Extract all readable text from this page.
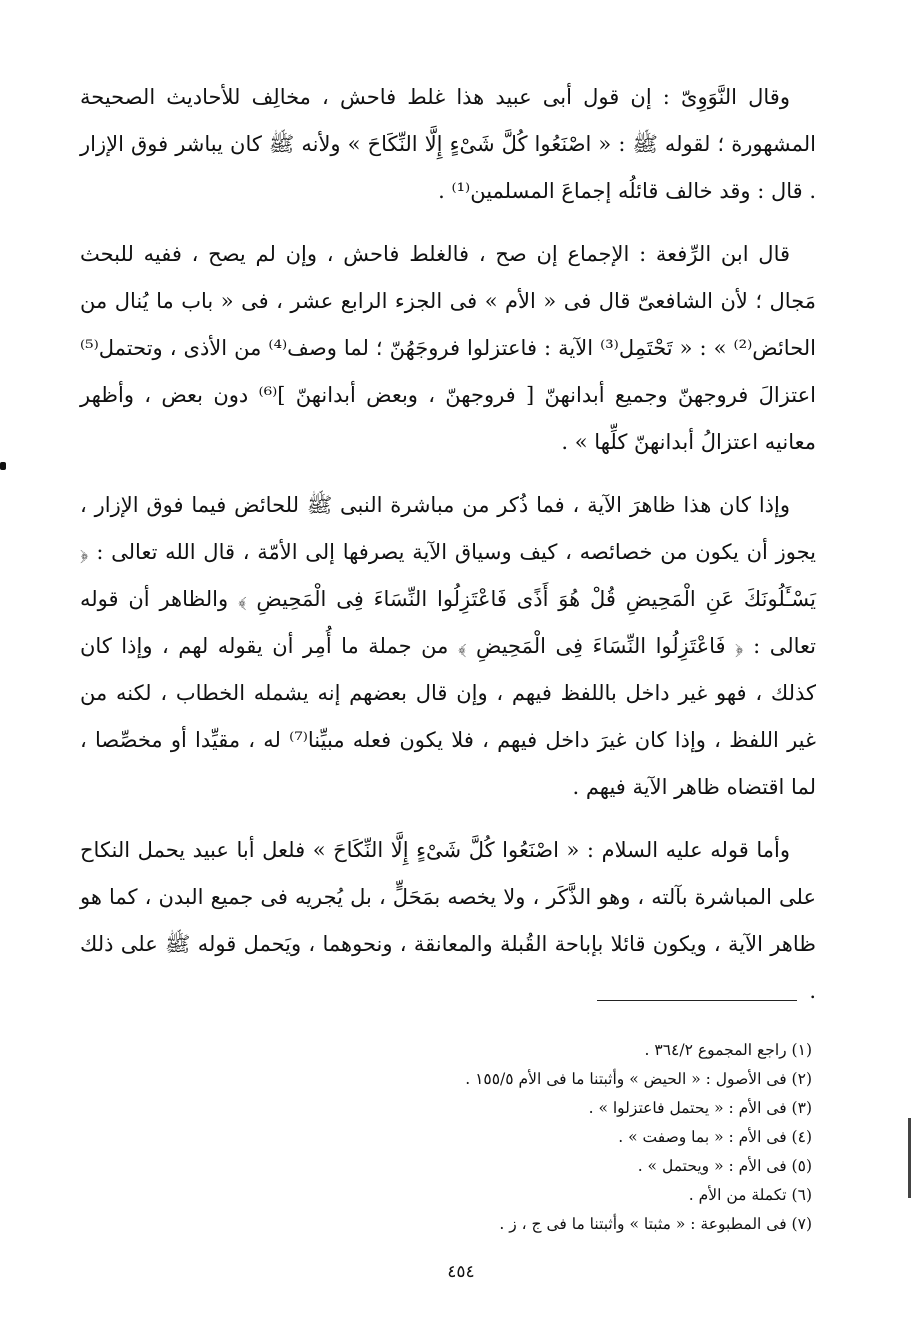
وقال النَّوَوِىّ : إن قول أبى عبيد هذا غلط فاحش ، مخالِف للأحاديث الصحيحة المشهورة ؛ لقوله ﷺ : « اصْنَعُوا كُلَّ شَىْءٍ إِلَّا النِّكَاحَ » ولأنه ﷺ كان يباشر فوق الإزار . قال : وقد خالف قائلُه إجماعَ المسلمين⁽¹⁾ .

قال ابن الرِّفعة : الإجماع إن صح ، فالغلط فاحش ، وإن لم يصح ، ففيه للبحث مَجال ؛ لأن الشافعىّ قال فى « الأم » فى الجزء الرابع عشر ، فى « باب ما يُنال من الحائض⁽²⁾ » : « تَحْتَمِل⁽³⁾ الآية : فاعتزلوا فروجَهُنّ ؛ لما وصف⁽⁴⁾ من الأذى ، وتحتمل⁽⁵⁾ اعتزالَ فروجهنّ وجميع أبدانهنّ [ فروجهنّ ، وبعض أبدانهنّ ]⁽⁶⁾ دون بعض ، وأظهر معانيه اعتزالُ أبدانهنّ كلِّها » .

وإذا كان هذا ظاهرَ الآية ، فما ذُكر من مباشرة النبى ﷺ للحائض فيما فوق الإزار ، يجوز أن يكون من خصائصه ، كيف وسياق الآية يصرفها إلى الأمّة ، قال الله تعالى : ﴿ يَسْـَٔلُونَكَ عَنِ الْمَحِيضِ قُلْ هُوَ أَذًى فَاعْتَزِلُوا النِّسَاءَ فِى الْمَحِيضِ ﴾ والظاهر أن قوله تعالى : ﴿ فَاعْتَزِلُوا النِّسَاءَ فِى الْمَحِيضِ ﴾ من جملة ما أُمِر أن يقوله لهم ، وإذا كان كذلك ، فهو غير داخل باللفظ فيهم ، وإن قال بعضهم إنه يشمله الخطاب ، لكنه من غير اللفظ ، وإذا كان غيرَ داخل فيهم ، فلا يكون فعله مبيِّنا⁽⁷⁾ له ، مقيِّدا أو مخصِّصا ، لما اقتضاه ظاهر الآية فيهم .

وأما قوله عليه السلام : « اصْنَعُوا كُلَّ شَىْءٍ إِلَّا النِّكَاحَ » فلعل أبا عبيد يحمل النكاح على المباشرة بآلته ، وهو الذَّكَر ، ولا يخصه بمَحَلٍّ ، بل يُجريه فى جميع البدن ، كما هو ظاهر الآية ، ويكون قائلا بإباحة القُبلة والمعانقة ، ونحوهما ، ويَحمل قوله ﷺ على ذلك .

(١) راجع المجموع ٣٦٤/٢ .
(٢) فى الأصول : « الحيض » وأثبتنا ما فى الأم ١٥٥/٥ .
(٣) فى الأم : « يحتمل فاعتزلوا » .
(٤) فى الأم : « بما وصفت » .
(٥) فى الأم : « ويحتمل » .
(٦) تكملة من الأم .
(٧) فى المطبوعة : « مثبتا » وأثبتنا ما فى ج ، ز .
٤٥٤
